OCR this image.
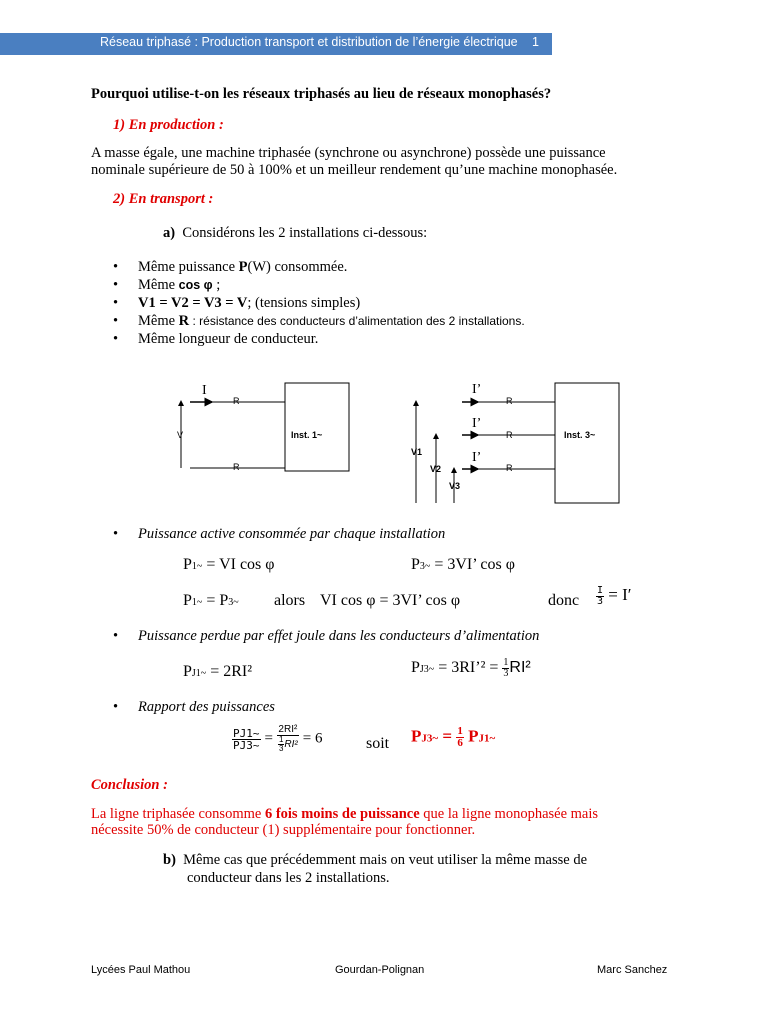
Réseau triphasé : Production transport et distribution de l’énergie électrique 1
Pourquoi utilise-t-on les réseaux triphasés au lieu de réseaux monophasés?
1) En production :
A masse égale, une machine triphasée (synchrone ou asynchrone) possède une puissance
nominale supérieure de 50 à 100% et un meilleur rendement qu’une machine monophasée.
2) En transport :
a) Considérons les 2 installations ci-dessous:
• Même puissance P(W) consommée.
• Même cos φ ;
• V1 = V2 = V3 = V; (tensions simples)
• Même R : résistance des conducteurs d’alimentation des 2 installations.
• Même longueur de conducteur.
I
R
R
V	Inst. 1~
I’
I’
I’
R
R
R
V1
V2
V3
Inst. 3~
• Puissance active consommée par chaque installation
P1~ = VI cos φ	P3~ = 3VI’ cos φ
P1~ = P3~ alors VI cos φ = 3VI’ cos φ	donc $\frac{I}{3} = I'$
• Puissance perdue par effet joule dans les conducteurs d’alimentation
PJ1~ = 2RI²	PJ3~ = 3RI’² = $\frac{1}{3} RI^2$
• Rapport des puissances
$\frac{PJ1\sim}{PJ3\sim} = \frac{\text{2RI²}}{\frac{1}{3} RI^2} = 6$	soit PJ3~ = $\frac{1}{6}$ PJ1~
Conclusion :
La ligne triphasée consomme 6 fois moins de puissance que la ligne monophasée mais
nécessite 50% de conducteur (1) supplémentaire pour fonctionner.
b) Même cas que précédemment mais on veut utiliser la même masse de
conducteur dans les 2 installations.
Lycées Paul Mathou	Gourdan-Polignan	Marc Sanchez
